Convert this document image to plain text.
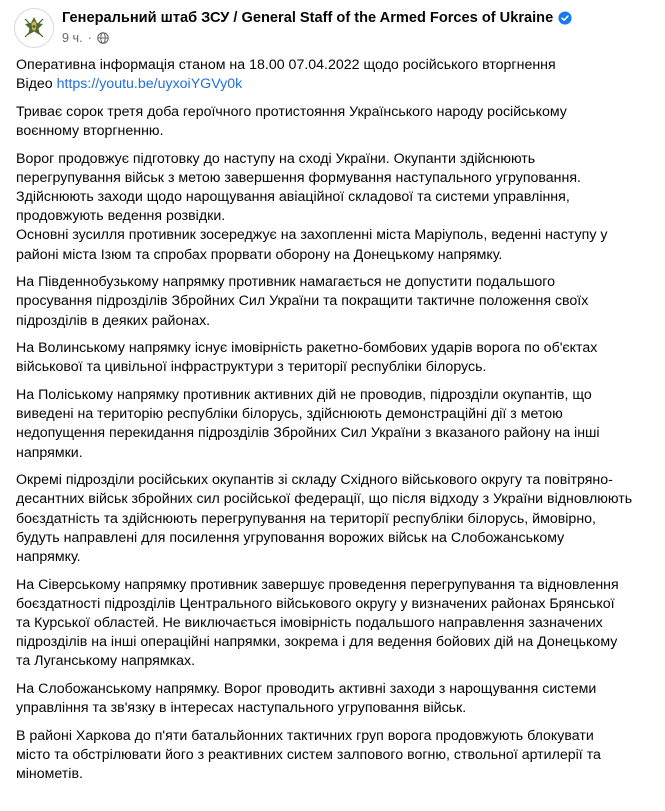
Генеральний штаб ЗСУ / General Staff of the Armed Forces of Ukraine
9 ч. ·

Оперативна інформація станом на 18.00 07.04.2022 щодо російського вторгнення
Відео https://youtu.be/uyxoiYGVy0k

Триває сорок третя доба героїчного протистояння Українського народу російському
воєнному вторгненню.

Ворог продовжує підготовку до наступу на сході України. Окупанти здійснюють
перегрупування військ з метою завершення формування наступального угруповання.
Здійснюють заходи щодо нарощування авіаційної складової та системи управління,
продовжують ведення розвідки.
Основні зусилля противник зосереджує на захопленні міста Маріуполь, веденні наступу у
районі міста Ізюм та спробах прорвати оборону на Донецькому напрямку.

На Південнобузькому напрямку противник намагається не допустити подальшого
просування підрозділів Збройних Сил України та покращити тактичне положення своїх
підрозділів в деяких районах.

На Волинському напрямку існує імовірність ракетно-бомбових ударів ворога по об'єктах
військової та цивільної інфраструктури з території республіки білорусь.

На Поліському напрямку противник активних дій не проводив, підрозділи окупантів, що
виведені на територію республіки білорусь, здійснюють демонстраційні дії з метою
недопущення перекидання підрозділів Збройних Сил України з вказаного району на інші
напрямки.

Окремі підрозділи російських окупантів зі складу Східного військового округу та повітряно-
десантних військ збройних сил російської федерації, що після відходу з України відновлюють
боєздатність та здійснюють перегрупування на території республіки білорусь, ймовірно,
будуть направлені для посилення угруповання ворожих військ на Слобожанському
напрямку.

На Сіверському напрямку противник завершує проведення перегрупування та відновлення
боєздатності підрозділів Центрального військового округу у визначених районах Брянської
та Курської областей. Не виключається імовірність подальшого направлення зазначених
підрозділів на інші операційні напрямки, зокрема і для ведення бойових дій на Донецькому
та Луганському напрямках.

На Слобожанському напрямку. Ворог проводить активні заходи з нарощування системи
управління та зв'язку в інтересах наступального угруповання військ.

В районі Харкова до п'яти батальйонних тактичних груп ворога продовжують блокувати
місто та обстрілювати його з реактивних систем залпового вогню, ствольної артилерії та
мінометів.
